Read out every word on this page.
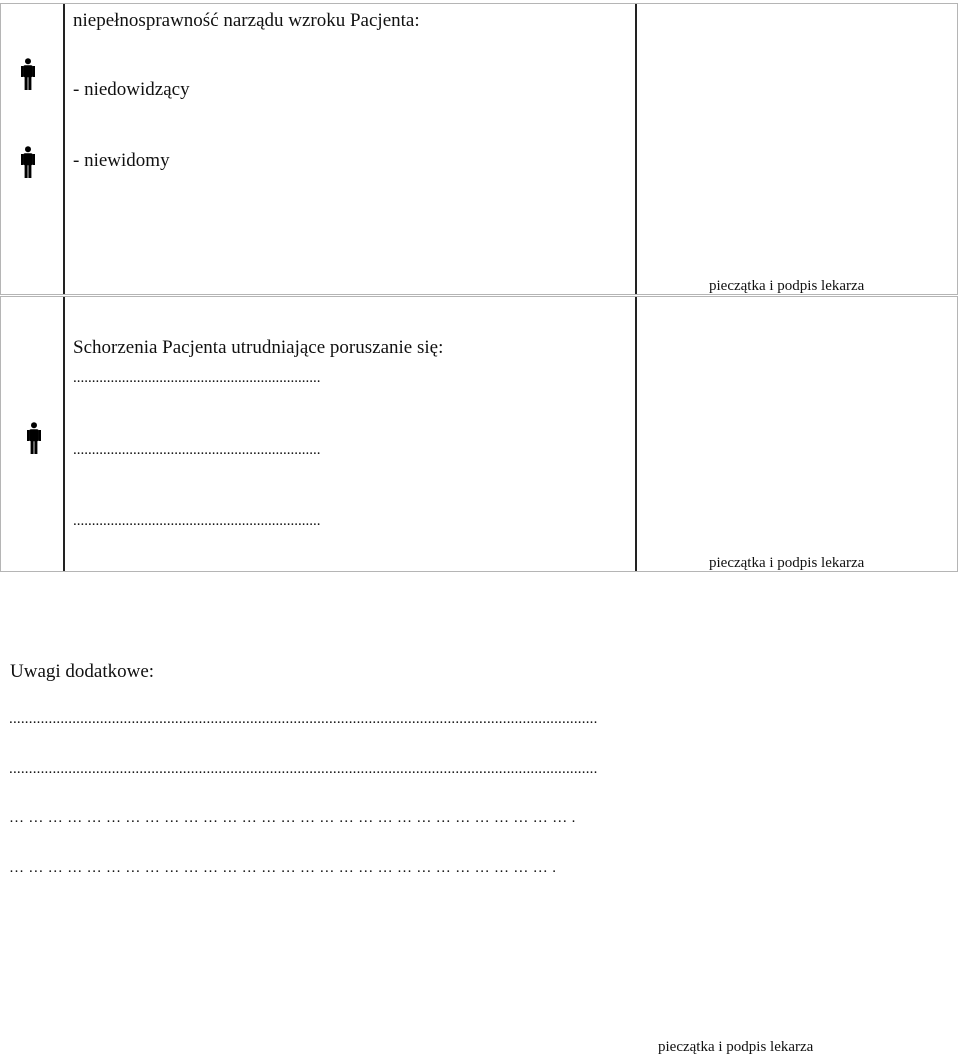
niepełnosprawność narządu wzroku Pacjenta:
- niedowidzący
- niewidomy
pieczątka i podpis lekarza
Schorzenia Pacjenta utrudniające poruszanie się:
..................................................................
..................................................................
..................................................................
pieczątka i podpis lekarza
Uwagi dodatkowe:
.....................................................................................................................................................
.....................................................................................................................................................
…………………………………………………………………………….
………………………………………………………………………….
pieczątka i podpis lekarza
